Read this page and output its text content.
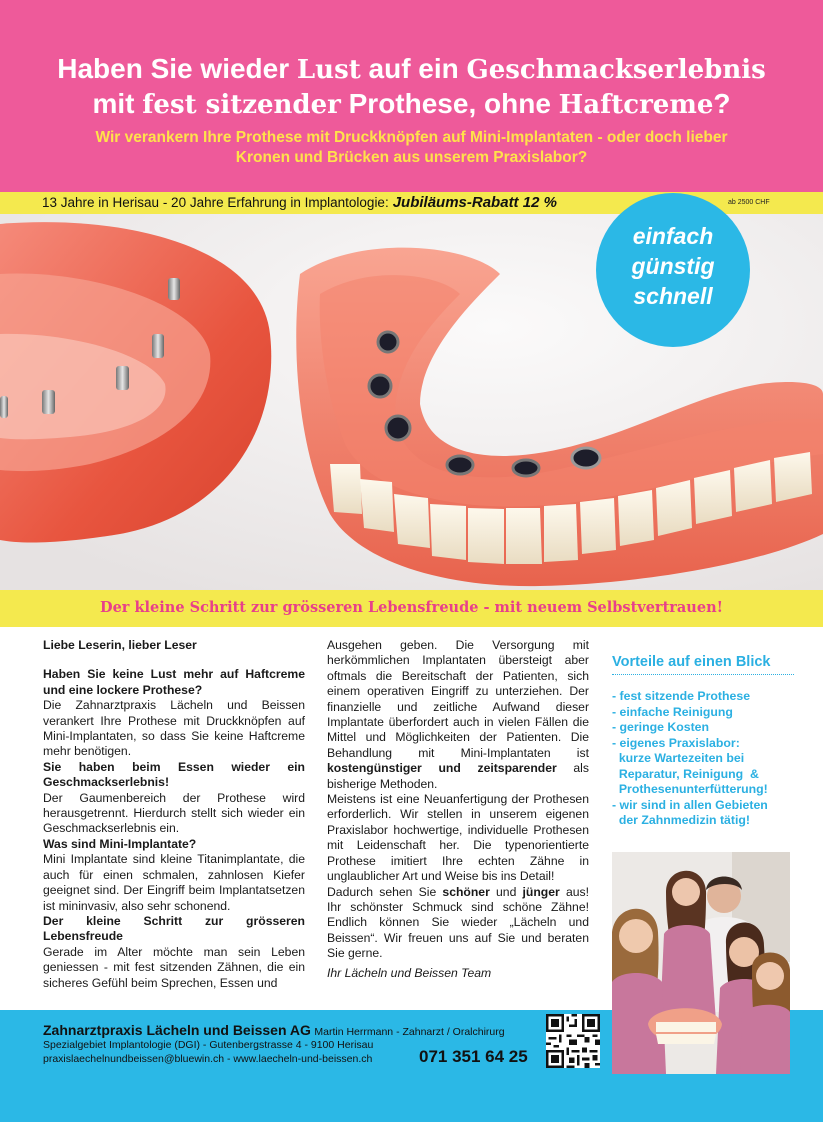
Haben Sie wieder Lust auf ein Geschmackserlebnis
mit fest sitzender Prothese, ohne Haftcreme?
Wir verankern Ihre Prothese mit Druckknöpfen auf Mini-Implantaten - oder doch lieber
Kronen und Brücken aus unserem Praxislabor?
13 Jahre in Herisau - 20 Jahre Erfahrung in Implantologie: Jubiläums-Rabatt 12 %	ab 2500 CHF
einfach
günstig
schnell
Der kleine Schritt zur grösseren Lebensfreude - mit neuem Selbstvertrauen!

Liebe Leserin, lieber Leser

Haben Sie keine Lust mehr auf Haftcreme und eine lockere Prothese?

Die Zahnarztpraxis Lächeln und Beissen verankert Ihre Prothese mit Druckknöpfen auf Mini-Implantaten, so dass Sie keine Haftcreme mehr benötigen.

Sie haben beim Essen wieder ein Geschmackserlebnis!

Der Gaumenbereich der Prothese wird herausgetrennt. Hierdurch stellt sich wieder ein Geschmackserlebnis ein.

Was sind Mini-Implantate?

Mini Implantate sind kleine Titanimplantate, die auch für einen schmalen, zahnlosen Kiefer geeignet sind. Der Eingriff beim Implantatsetzen ist mininvasiv, also sehr schonend.

Der kleine Schritt zur grösseren Lebensfreude

Gerade im Alter möchte man sein Leben geniessen - mit fest sitzenden Zähnen, die ein sicheres Gefühl beim Sprechen, Essen und

Ausgehen geben. Die Versorgung mit herkömmlichen Implantaten übersteigt aber oftmals die Bereitschaft der Patienten, sich einem operativen Eingriff zu unterziehen. Der finanzielle und zeitliche Aufwand dieser Implantate überfordert auch in vielen Fällen die Mittel und Möglichkeiten der Patienten. Die Behandlung mit Mini-Implantaten ist kostengünstiger und zeitsparender als bisherige Methoden.

Meistens ist eine Neuanfertigung der Prothesen erforderlich. Wir stellen in unserem eigenen Praxislabor hochwertige, individuelle Prothesen mit Leidenschaft her. Die typenorientierte Prothese imitiert Ihre echten Zähne in unglaublicher Art und Weise bis ins Detail!

Dadurch sehen Sie schöner und jünger aus! Ihr schönster Schmuck sind schöne Zähne! Endlich können Sie wieder „Lächeln und Beissen“. Wir freuen uns auf Sie und beraten Sie gerne.

Ihr Lächeln und Beissen Team

Vorteile auf einen Blick
- fest sitzende Prothese
- einfache Reinigung
- geringe Kosten
- eigenes Praxislabor:
kurze Wartezeiten bei
Reparatur, Reinigung  &
Prothesenunterfütterung!
- wir sind in allen Gebieten
der Zahnmedizin tätig!
Zahnarztpraxis Lächeln und Beissen AG Martin Herrmann - Zahnarzt / Oralchirurg
Spezialgebiet Implantologie (DGI) - Gutenbergstrasse 4 - 9100 Herisau
praxislaechelnundbeissen@bluewin.ch - www.laecheln-und-beissen.ch	071 351 64 25
